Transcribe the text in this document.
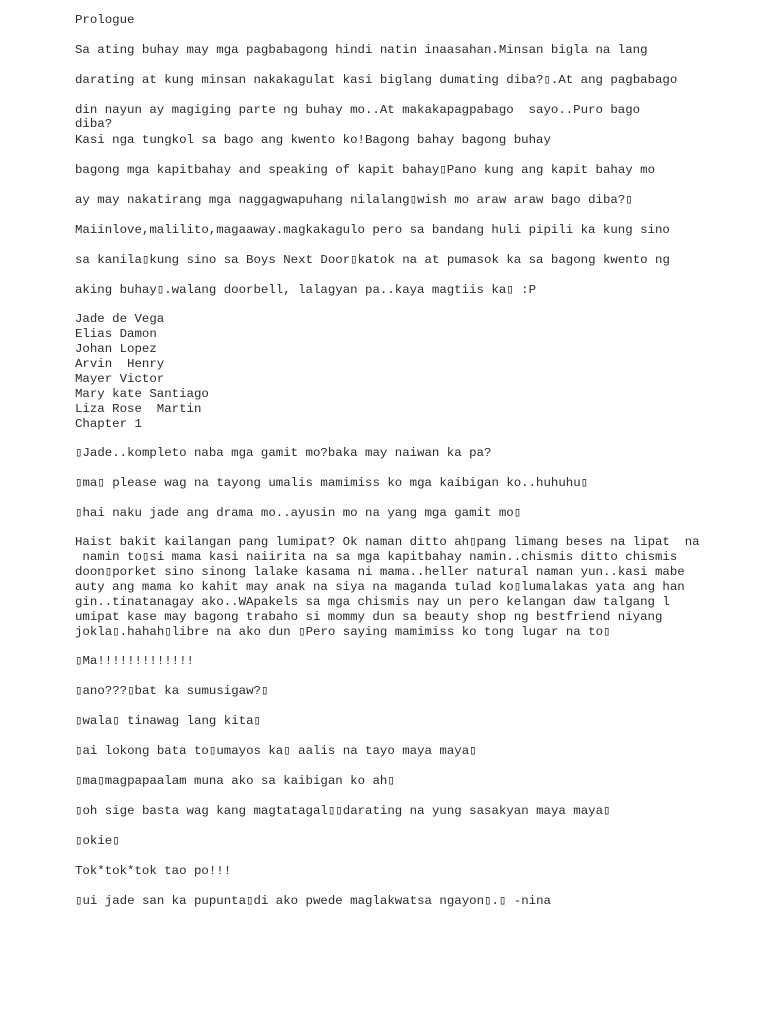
Prologue
Sa ating buhay may mga pagbabagong hindi natin inaasahan.Minsan bigla na lang
darating at kung minsan nakakagulat kasi biglang dumating diba?▯.At ang pagbabago
din nayun ay magiging parte ng buhay mo..At makakapagpabago  sayo..Puro bago
diba?
Kasi nga tungkol sa bago ang kwento ko!Bagong bahay bagong buhay
bagong mga kapitbahay and speaking of kapit bahay▯Pano kung ang kapit bahay mo
ay may nakatirang mga naggagwapuhang nilalang▯wish mo araw araw bago diba?▯
Maiinlove,malilito,magaaway.magkakagulo pero sa bandang huli pipili ka kung sino
sa kanila▯kung sino sa Boys Next Door▯katok na at pumasok ka sa bagong kwento ng
aking buhay▯.walang doorbell, lalagyan pa..kaya magtiis ka▯ :P
Jade de Vega
Elias Damon
Johan Lopez
Arvin  Henry
Mayer Victor
Mary kate Santiago
Liza Rose  Martin
Chapter 1
▯Jade..kompleto naba mga gamit mo?baka may naiwan ka pa?
▯ma▯ please wag na tayong umalis mamimiss ko mga kaibigan ko..huhuhu▯
▯hai naku jade ang drama mo..ayusin mo na yang mga gamit mo▯
Haist bakit kailangan pang lumipat? Ok naman ditto ah▯pang limang beses na lipat  na
namin to▯si mama kasi naiirita na sa mga kapitbahay namin..chismis ditto chismis
doon▯porket sino sinong lalake kasama ni mama..heller natural naman yun..kasi mabe
auty ang mama ko kahit may anak na siya na maganda tulad ko▯lumalakas yata ang han
gin..tinatanagay ako..WApakels sa mga chismis nay un pero kelangan daw talgang l
umipat kase may bagong trabaho si mommy dun sa beauty shop ng bestfriend niyang
jokla▯.hahah▯libre na ako dun ▯Pero saying mamimiss ko tong lugar na to▯
▯Ma!!!!!!!!!!!!!
▯ano???▯bat ka sumusigaw?▯
▯wala▯ tinawag lang kita▯
▯ai lokong bata to▯umayos ka▯ aalis na tayo maya maya▯
▯ma▯magpapaalam muna ako sa kaibigan ko ah▯
▯oh sige basta wag kang magtatagal▯▯darating na yung sasakyan maya maya▯
▯okie▯
Tok*tok*tok tao po!!!
▯ui jade san ka pupunta▯di ako pwede maglakwatsa ngayon▯.▯ -nina
